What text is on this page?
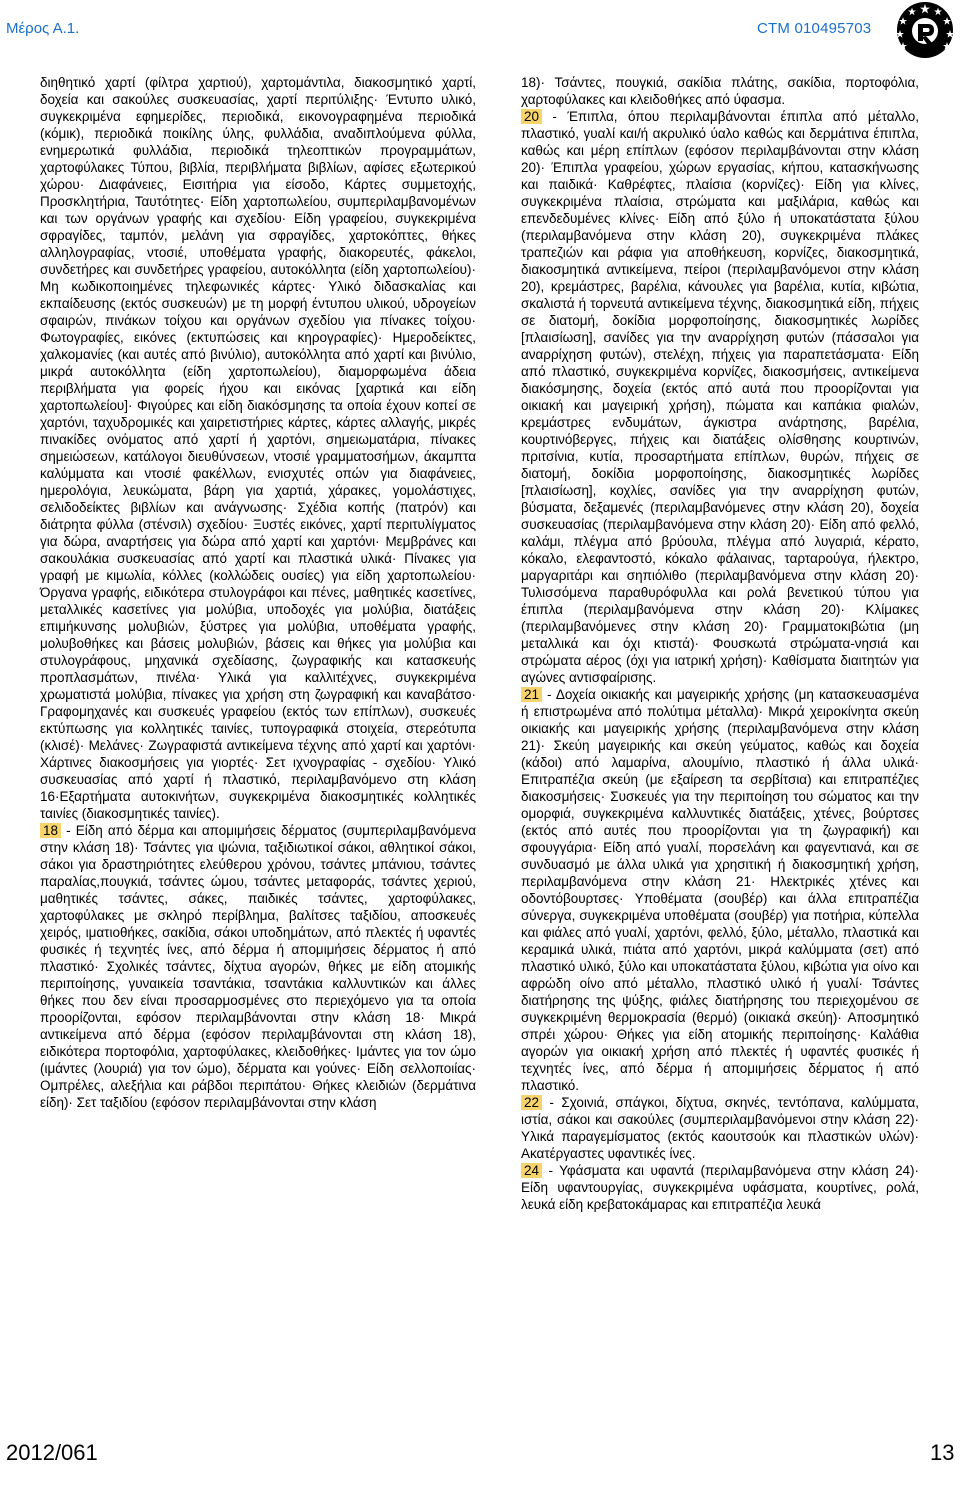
Μέρος Α.1.	CTM 010495703

διηθητικό χαρτί (φίλτρα χαρτιού), χαρτομάντιλα, διακοσμητικό χαρτί, δοχεία και σακούλες συσκευασίας, χαρτί περιτύλιξης· Έντυπο υλικό, συγκεκριμένα εφημερίδες, περιοδικά, εικονογραφημένα περιοδικά (κόμικ), περιοδικά ποικίλης ύλης, φυλλάδια, αναδιπλούμενα φύλλα, ενημερωτικά φυλλάδια, περιοδικά τηλεοπτικών προγραμμάτων, χαρτοφύλακες Τύπου, βιβλία, περιβλήματα βιβλίων, αφίσες εξωτερικού χώρου· Διαφάνειες, Εισιτήρια για είσοδο, Κάρτες συμμετοχής, Προσκλητήρια, Ταυτότητες· Είδη χαρτοπωλείου, συμπεριλαμβανομένων και των οργάνων γραφής και σχεδίου· Είδη γραφείου, συγκεκριμένα σφραγίδες, ταμπόν, μελάνη για σφραγίδες, χαρτοκόπτες, θήκες αλληλογραφίας, ντοσιέ, υποθέματα γραφής, διακορευτές, φάκελοι, συνδετήρες και συνδετήρες γραφείου, αυτοκόλλητα (είδη χαρτοπωλείου)· Μη κωδικοποιημένες τηλεφωνικές κάρτες· Υλικό διδασκαλίας και εκπαίδευσης (εκτός συσκευών) με τη μορφή έντυπου υλικού, υδρογείων σφαιρών, πινάκων τοίχου και οργάνων σχεδίου για πίνακες τοίχου· Φωτογραφίες, εικόνες (εκτυπώσεις και κηρογραφίες)· Ημεροδείκτες, χαλκομανίες (και αυτές από βινύλιο), αυτοκόλλητα από χαρτί και βινύλιο, μικρά αυτοκόλλητα (είδη χαρτοπωλείου), διαμορφωμένα άδεια περιβλήματα για φορείς ήχου και εικόνας [χαρτικά και είδη χαρτοπωλείου]· Φιγούρες και είδη διακόσμησης τα οποία έχουν κοπεί σε χαρτόνι, ταχυδρομικές και χαιρετιστήριες κάρτες, κάρτες αλλαγής, μικρές πινακίδες ονόματος από χαρτί ή χαρτόνι, σημειωματάρια, πίνακες σημειώσεων, κατάλογοι διευθύνσεων, ντοσιέ γραμματοσήμων, άκαμπτα καλύμματα και ντοσιέ φακέλλων, ενισχυτές οπών για διαφάνειες, ημερολόγια, λευκώματα, βάρη για χαρτιά, χάρακες, γομολάστιχες, σελιδοδείκτες βιβλίων και ανάγνωσης· Σχέδια κοπής (πατρόν) και διάτρητα φύλλα (στένσιλ) σχεδίου· Ξυστές εικόνες, χαρτί περιτυλίγματος για δώρα, αναρτήσεις για δώρα από χαρτί και χαρτόνι· Μεμβράνες και σακουλάκια συσκευασίας από χαρτί και πλαστικά υλικά· Πίνακες για γραφή με κιμωλία, κόλλες (κολλώδεις ουσίες) για είδη χαρτοπωλείου· Όργανα γραφής, ειδικότερα στυλογράφοι και πένες, μαθητικές κασετίνες, μεταλλικές κασετίνες για μολύβια, υποδοχές για μολύβια, διατάξεις επιμήκυνσης μολυβιών, ξύστρες για μολύβια, υποθέματα γραφής, μολυβοθήκες και βάσεις μολυβιών, βάσεις και θήκες για μολύβια και στυλογράφους, μηχανικά σχεδίασης, ζωγραφικής και κατασκευής πρoπλασμάτων, πινέλα· Υλικά για καλλιτέχνες, συγκεκριμένα χρωματιστά μολύβια, πίνακες για χρήση στη ζωγραφική και καναβάτσο· Γραφομηχανές και συσκευές γραφείου (εκτός των επίπλων), συσκευές εκτύπωσης για κολλητικές ταινίες, τυπογραφικά στοιχεία, στερεότυπα (κλισέ)· Μελάνες· Ζωγραφιστά αντικείμενα τέχνης από χαρτί και χαρτόνι· Χάρτινες διακοσμήσεις για γιορτές· Σετ ιχνογραφίας - σχεδίου· Υλικό συσκευασίας από χαρτί ή πλαστικό, περιλαμβανόμενο στη κλάση 16·Εξαρτήματα αυτοκινήτων, συγκεκριμένα διακοσμητικές κολλητικές ταινίες (διακοσμητικές ταινίες).

18 - Είδη από δέρμα και απομιμήσεις δέρματος (συμπεριλαμβανόμενα στην κλάση 18)· Τσάντες για ψώνια, ταξιδιωτικοί σάκοι, αθλητικοί σάκοι, σάκοι για δραστηριότητες ελεύθερου χρόνου, τσάντες μπάνιου, τσάντες παραλίας,πουγκιά, τσάντες ώμου, τσάντες μεταφοράς, τσάντες χεριού, μαθητικές τσάντες, σάκες, παιδικές τσάντες, χαρτοφύλακες, χαρτοφύλακες με σκληρό περίβλημα, βαλίτσες ταξιδίου, αποσκευές χειρός, ιματιοθήκες, σακίδια, σάκοι υποδημάτων, από πλεκτές ή υφαντές φυσικές ή τεχνητές ίνες, από δέρμα ή απομιμήσεις δέρματος ή από πλαστικό· Σχολικές τσάντες, δίχτυα αγορών, θήκες με είδη ατομικής περιποίησης, γυναικεία τσαντάκια, τσαντάκια καλλυντικών και άλλες θήκες που δεν είναι προσαρμοσμένες στο περιεχόμενο για τα οποία προορίζονται, εφόσον περιλαμβάνονται στην κλάση 18· Μικρά αντικείμενα από δέρμα (εφόσον περιλαμβάνονται στη κλάση 18), ειδικότερα πορτοφόλια, χαρτοφύλακες, κλειδοθήκες· Ιμάντες για τον ώμο (ιμάντες (λουριά) για τον ώμο), δέρματα και γούνες· Είδη σελλοποιίας· Ομπρέλες, αλεξήλια και ράβδοι περιπάτου· Θήκες κλειδιών (δερμάτινα είδη)· Σετ ταξιδίου (εφόσον περιλαμβάνονται στην κλάση

18)· Τσάντες, πουγκιά, σακίδια πλάτης, σακίδια, πορτοφόλια, χαρτοφύλακες και κλειδοθήκες από ύφασμα.

20 - Έπιπλα, όπου περιλαμβάνονται έπιπλα από μέταλλο, πλαστικό, γυαλί και/ή ακρυλικό ύαλο καθώς και δερμάτινα έπιπλα, καθώς και μέρη επίπλων (εφόσον περιλαμβάνονται στην κλάση 20)· Έπιπλα γραφείου, χώρων εργασίας, κήπου, κατασκήνωσης και παιδικά· Καθρέφτες, πλαίσια (κορνίζες)· Είδη για κλίνες, συγκεκριμένα πλαίσια, στρώματα και μαξιλάρια, καθώς και επενδεδυμένες κλίνες· Είδη από ξύλο ή υποκατάστατα ξύλου (περιλαμβανόμενα στην κλάση 20), συγκεκριμένα πλάκες τραπεζιών και ράφια για αποθήκευση, κορνίζες, διακοσμητικά, διακοσμητικά αντικείμενα, πείροι (περιλαμβανόμενοι στην κλάση 20), κρεμάστρες, βαρέλια, κάνουλες για βαρέλια, κυτία, κιβώτια, σκαλιστά ή τορνευτά αντικείμενα τέχνης, διακοσμητικά είδη, πήχεις σε διατομή, δοκίδια μορφοποίησης, διακοσμητικές λωρίδες [πλαισίωση], σανίδες για την αναρρίχηση φυτών (πάσσαλοι για αναρρίχηση φυτών), στελέχη, πήχεις για παραπετάσματα· Είδη από πλαστικό, συγκεκριμένα κορνίζες, διακοσμήσεις, αντικείμενα διακόσμησης, δοχεία (εκτός από αυτά που προορίζονται για οικιακή και μαγειρική χρήση), πώματα και καπάκια φιαλών, κρεμάστρες ενδυμάτων, άγκιστρα ανάρτησης, βαρέλια, κουρτινόβεργες, πήχεις και διατάξεις ολίσθησης κουρτινών, πριτσίνια, κυτία, προσαρτήματα επίπλων, θυρών, πήχεις σε διατομή, δοκίδια μορφοποίησης, διακοσμητικές λωρίδες [πλαισίωση], κοχλίες, σανίδες για την αναρρίχηση φυτών, βύσματα, δεξαμενές (περιλαμβανόμενες στην κλάση 20), δοχεία συσκευασίας (περιλαμβανόμενα στην κλάση 20)· Είδη από φελλό, καλάμι, πλέγμα από βρύουλα, πλέγμα από λυγαριά, κέρατο, κόκαλο, ελεφαντοστό, κόκαλο φάλαινας, ταρταρούγα, ήλεκτρο, μαργαριτάρι και σηπιόλιθο (περιλαμβανόμενα στην κλάση 20)· Τυλισσόμενα παραθυρόφυλλα και ρολά βενετικού τύπου για έπιπλα (περιλαμβανόμενα στην κλάση 20)· Κλίμακες (περιλαμβανόμενες στην κλάση 20)· Γραμματοκιβώτια (μη μεταλλικά και όχι κτιστά)· Φουσκωτά στρώματα-νησιά και στρώματα αέρος (όχι για ιατρική χρήση)· Καθίσματα διαιτητών για αγώνες αντισφαίρισης.

21 - Δοχεία οικιακής και μαγειρικής χρήσης (μη κατασκευασμένα ή επιστρωμένα από πολύτιμα μέταλλα)· Μικρά χειροκίνητα σκεύη οικιακής και μαγειρικής χρήσης (περιλαμβανόμενα στην κλάση 21)· Σκεύη μαγειρικής και σκεύη γεύματος, καθώς και δοχεία (κάδοι) από λαμαρίνα, αλουμίνιο, πλαστικό ή άλλα υλικά· Επιτραπέζια σκεύη (με εξαίρεση τα σερβίτσια) και επιτραπέζιες διακοσμήσεις· Συσκευές για την περιποίηση του σώματος και την ομορφιά, συγκεκριμένα καλλυντικές διατάξεις, χτένες, βούρτσες (εκτός από αυτές που προορίζονται για τη ζωγραφική) και σφουγγάρια· Είδη από γυαλί, πορσελάνη και φαγεντιανά, και σε συνδυασμό με άλλα υλικά για χρησιτική ή διακοσμητική χρήση, περιλαμβανόμενα στην κλάση 21· Ηλεκτρικές χτένες και οδοντόβουρτσες· Υποθέματα (σουβέρ) και άλλα επιτραπέζια σύνεργα, συγκεκριμένα υποθέματα (σουβέρ) για ποτήρια, κύπελλα και φιάλες από γυαλί, χαρτόνι, φελλό, ξύλο, μέταλλο, πλαστικά και κεραμικά υλικά, πιάτα από χαρτόνι, μικρά καλύμματα (σετ) από πλαστικό υλικό, ξύλο και υποκατάστατα ξύλου, κιβώτια για οίνο και αφρώδη οίνο από μέταλλο, πλαστικό υλικό ή γυαλί· Τσάντες διατήρησης της ψύξης, φιάλες διατήρησης του περιεχομένου σε συγκεκριμένη θερμοκρασία (θερμό) (οικιακά σκεύη)· Αποσμητικό σπρέι χώρου· Θήκες για είδη ατομικής περιποίησης· Καλάθια αγορών για οικιακή χρήση από πλεκτές ή υφαντές φυσικές ή τεχνητές ίνες, από δέρμα ή απομιμήσεις δέρματος ή από πλαστικό.

22 - Σχοινιά, σπάγκοι, δίχτυα, σκηνές, τεντόπανα, καλύμματα, ιστία, σάκοι και σακούλες (συμπεριλαμβανόμενοι στην κλάση 22)· Υλικά παραγεμίσματος (εκτός καουτσούκ και πλαστικών υλών)· Ακατέργαστες υφαντικές ίνες.

24 - Υφάσματα και υφαντά (περιλαμβανόμενα στην κλάση 24)· Είδη υφαντουργίας, συγκεκριμένα υφάσματα, κουρτίνες, ρολά, λευκά είδη κρεβατοκάμαρας και επιτραπέζια λευκά

2012/061	13
